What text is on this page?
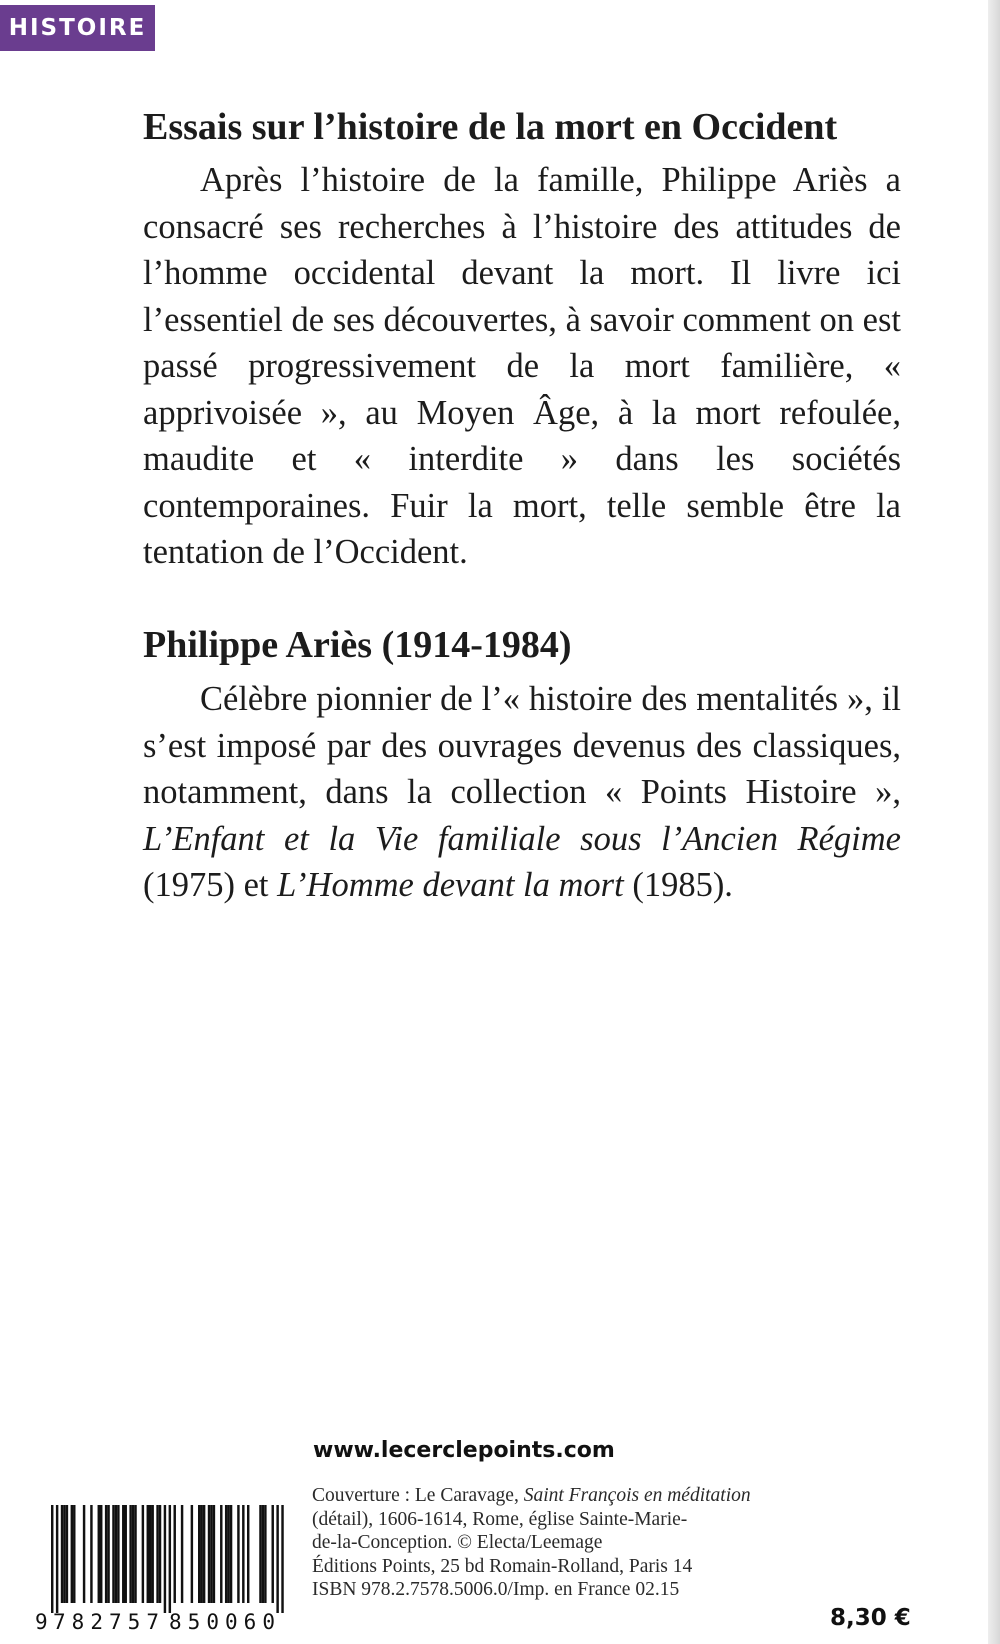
HISTOIRE
Essais sur l’histoire de la mort en Occident

Après l’histoire de la famille, Philippe Ariès a consacré ses recherches à l’histoire des attitudes de l’homme occidental devant la mort. Il livre ici l’essentiel de ses découvertes, à savoir comment on est passé progressivement de la mort familière, « apprivoisée », au Moyen Âge, à la mort refoulée, maudite et « interdite » dans les sociétés contemporaines. Fuir la mort, telle semble être la tentation de l’Occident.

Philippe Ariès (1914-1984)

Célèbre pionnier de l’« histoire des mentalités », il s’est imposé par des ouvrages devenus des classiques, notamment, dans la collection « Points Histoire », L’Enfant et la Vie familiale sous l’Ancien Régime (1975) et L’Homme devant la mort (1985).

www.lecerclepoints.com
9 782757 850060
Couverture : Le Caravage, Saint François en méditation
(détail), 1606-1614, Rome, église Sainte-Marie-
de-la-Conception. © Electa/Leemage
Éditions Points, 25 bd Romain-Rolland, Paris 14
ISBN 978.2.7578.5006.0/Imp. en France 02.15
8,30 €
